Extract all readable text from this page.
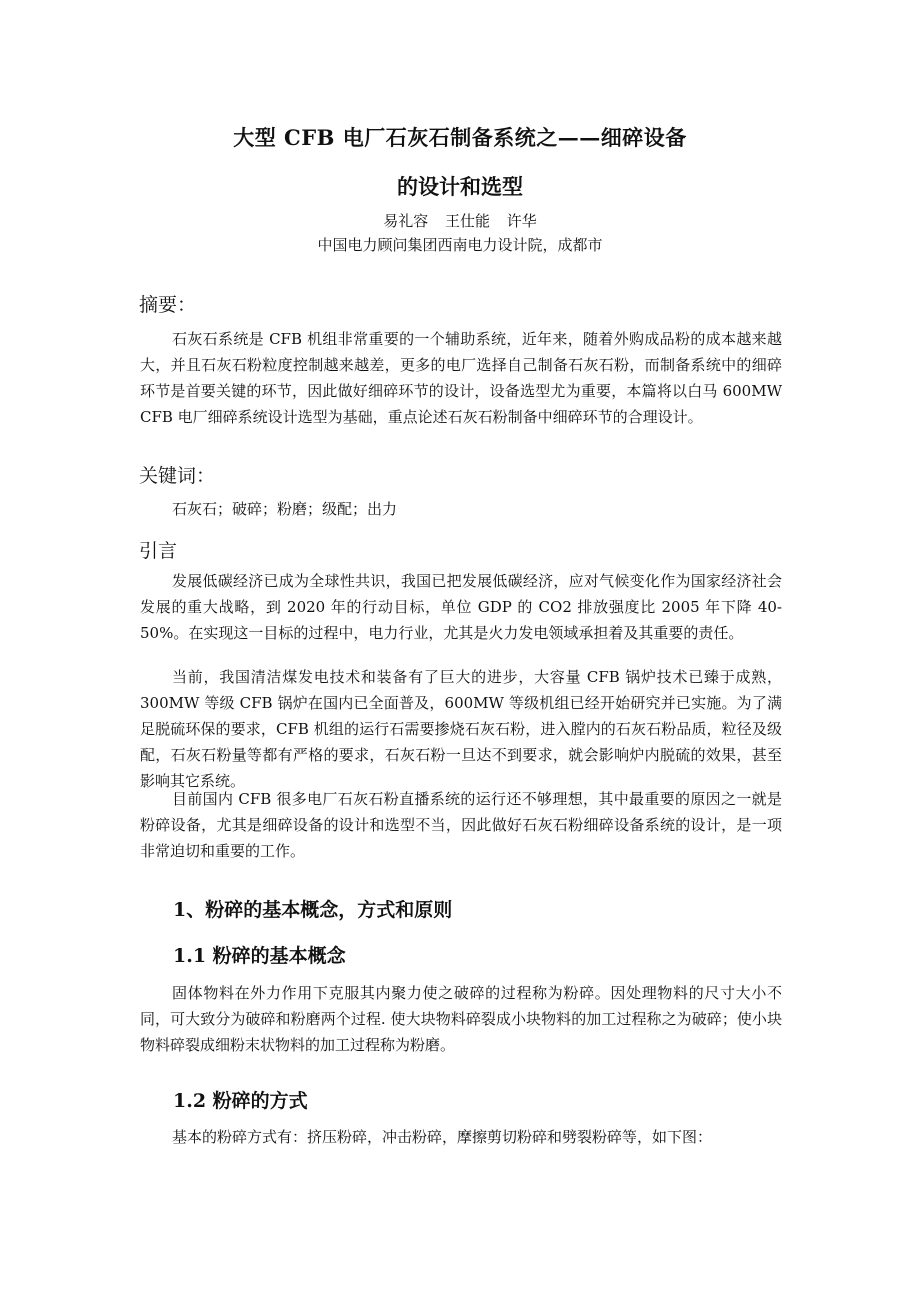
大型 CFB 电厂石灰石制备系统之——细碎设备
的设计和选型
易礼容 王仕能 许华
中国电力顾问集团西南电力设计院，成都市
摘要：
石灰石系统是 CFB 机组非常重要的一个辅助系统，近年来，随着外购成品粉的成本越来越大，并且石灰石粉粒度控制越来越差，更多的电厂选择自己制备石灰石粉，而制备系统中的细碎环节是首要关键的环节，因此做好细碎环节的设计，设备选型尤为重要，本篇将以白马 600MW CFB 电厂细碎系统设计选型为基础，重点论述石灰石粉制备中细碎环节的合理设计。
关键词：
石灰石；破碎；粉磨；级配；出力
引言
发展低碳经济已成为全球性共识，我国已把发展低碳经济，应对气候变化作为国家经济社会发展的重大战略，到 2020 年的行动目标，单位 GDP 的 CO2 排放强度比 2005 年下降 40-50%。在实现这一目标的过程中，电力行业，尤其是火力发电领域承担着及其重要的责任。
当前，我国清洁煤发电技术和装备有了巨大的进步，大容量 CFB 锅炉技术已臻于成熟，300MW 等级 CFB 锅炉在国内已全面普及，600MW 等级机组已经开始研究并已实施。为了满足脱硫环保的要求，CFB 机组的运行石需要掺烧石灰石粉，进入膛内的石灰石粉品质，粒径及级配，石灰石粉量等都有严格的要求，石灰石粉一旦达不到要求，就会影响炉内脱硫的效果，甚至影响其它系统。
目前国内 CFB 很多电厂石灰石粉直播系统的运行还不够理想，其中最重要的原因之一就是粉碎设备，尤其是细碎设备的设计和选型不当，因此做好石灰石粉细碎设备系统的设计，是一项非常迫切和重要的工作。
1、粉碎的基本概念，方式和原则
1.1 粉碎的基本概念
固体物料在外力作用下克服其内聚力使之破碎的过程称为粉碎。因处理物料的尺寸大小不同，可大致分为破碎和粉磨两个过程. 使大块物料碎裂成小块物料的加工过程称之为破碎；使小块物料碎裂成细粉末状物料的加工过程称为粉磨。
1.2 粉碎的方式
基本的粉碎方式有：挤压粉碎，冲击粉碎，摩擦剪切粉碎和劈裂粉碎等，如下图：
